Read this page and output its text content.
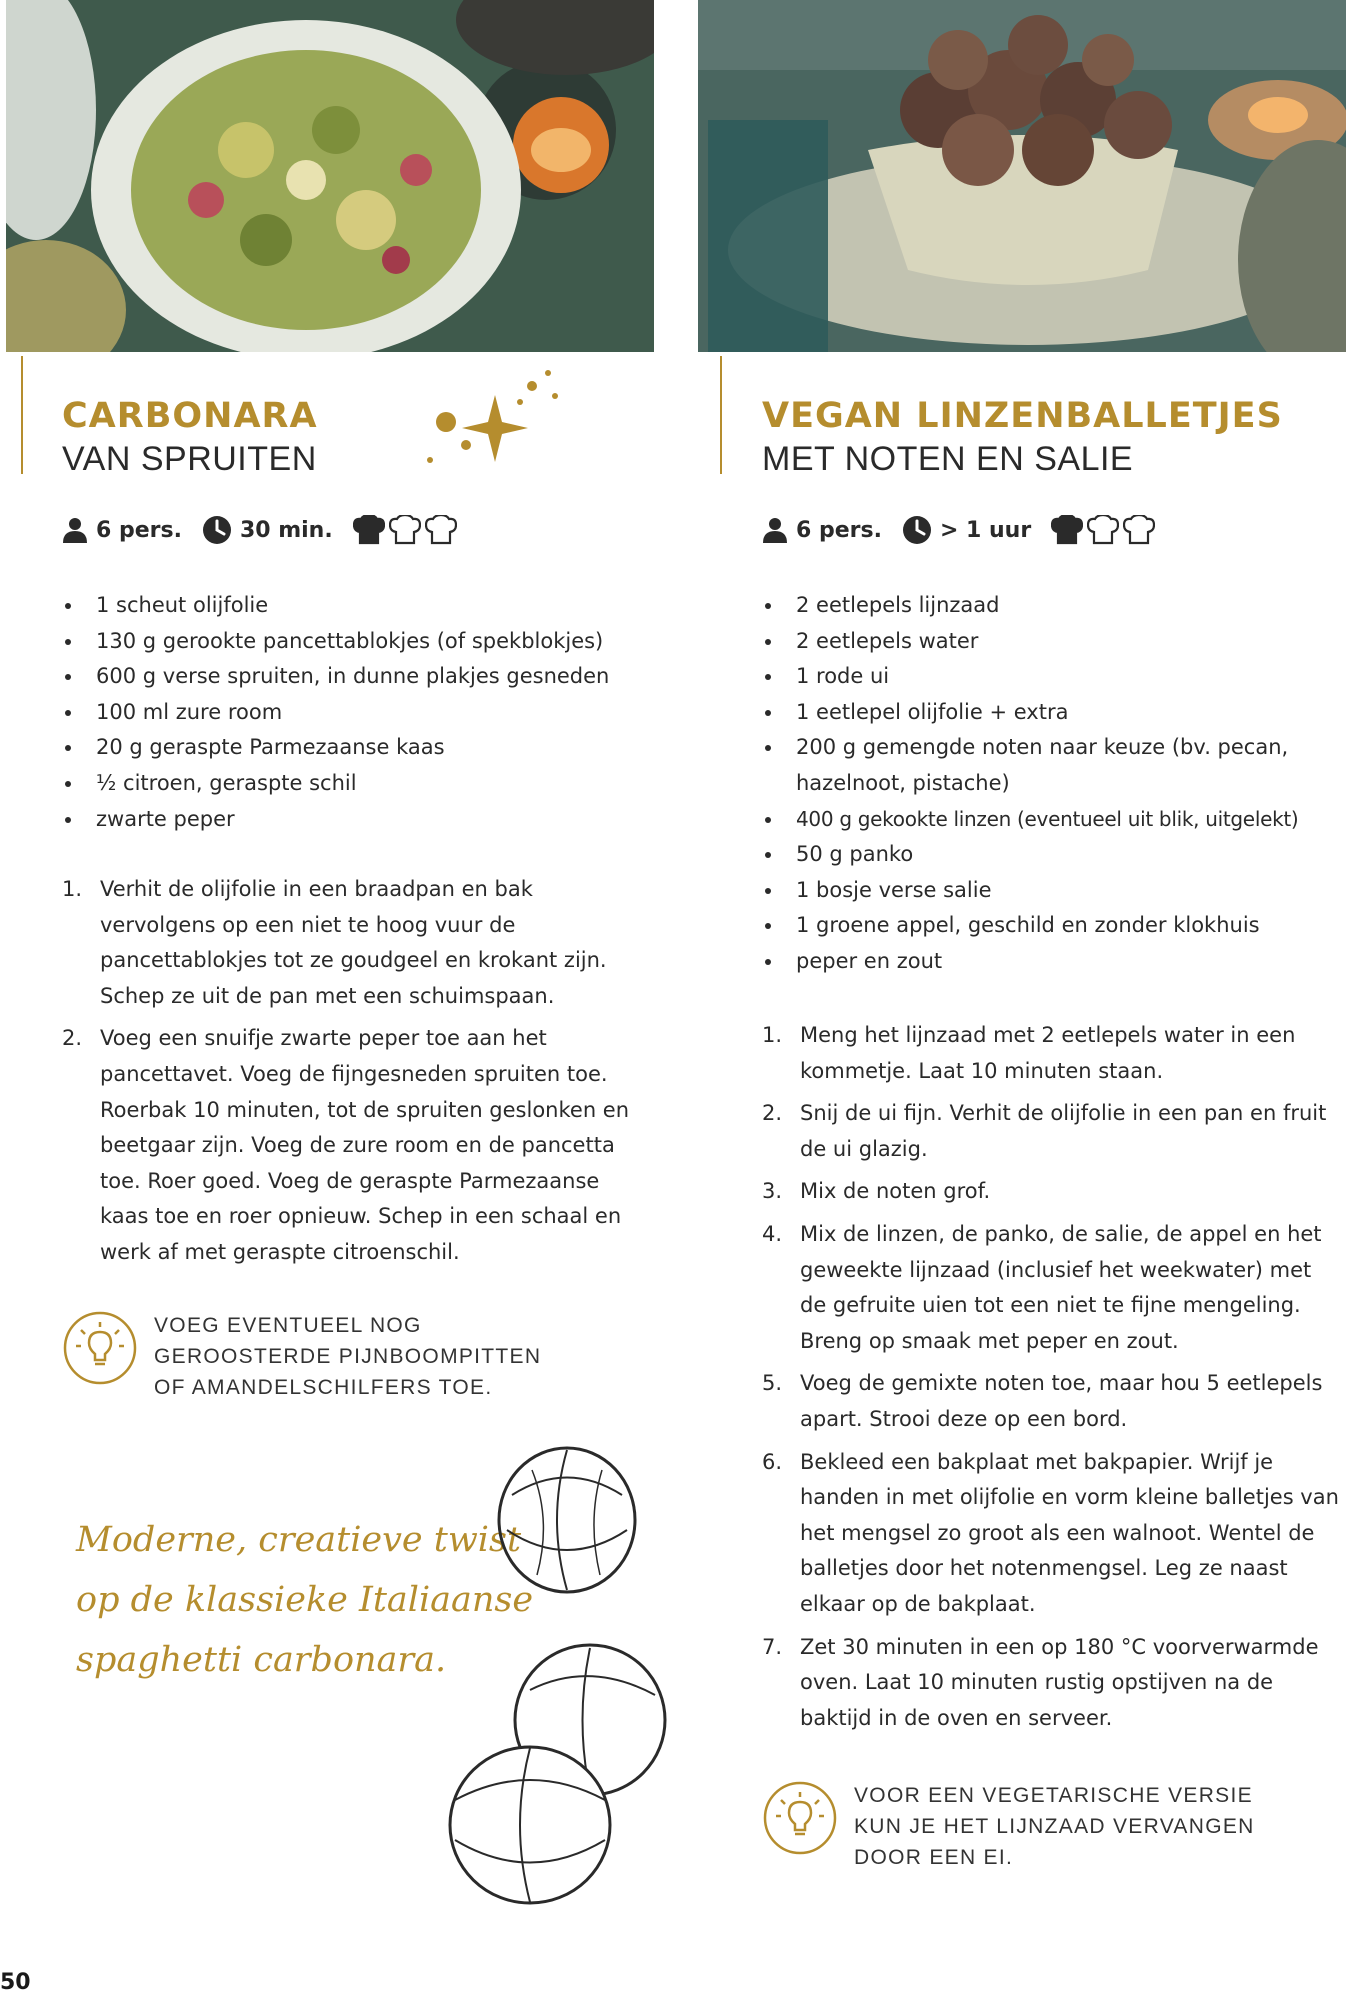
CARBONARA
VAN SPRUITEN
6 pers.	30 min.
1 scheut olijfolie
130 g gerookte pancettablokjes (of spekblokjes)
600 g verse spruiten, in dunne plakjes gesneden
100 ml zure room
20 g geraspte Parmezaanse kaas
½ citroen, geraspte schil
zwarte peper
1. Verhit de olijfolie in een braadpan en bak vervolgens op een niet te hoog vuur de pancettablokjes tot ze goudgeel en krokant zijn. Schep ze uit de pan met een schuimspaan.
2. Voeg een snuifje zwarte peper toe aan het pancettavet. Voeg de fijngesneden spruiten toe. Roerbak 10 minuten, tot de spruiten geslonken en beetgaar zijn. Voeg de zure room en de pancetta toe. Roer goed. Voeg de geraspte Parmezaanse kaas toe en roer opnieuw. Schep in een schaal en werk af met geraspte citroenschil.
VOEG EVENTUEEL NOG GEROOSTERDE PIJNBOOMPITTEN OF AMANDELSCHILFERS TOE.
Moderne, creatieve twist op de klassieke Italiaanse spaghetti carbonara.
50
VEGAN LINZENBALLETJES
MET NOTEN EN SALIE
6 pers.	> 1 uur
2 eetlepels lijnzaad
2 eetlepels water
1 rode ui
1 eetlepel olijfolie + extra
200 g gemengde noten naar keuze (bv. pecan, hazelnoot, pistache)
400 g gekookte linzen (eventueel uit blik, uitgelekt)
50 g panko
1 bosje verse salie
1 groene appel, geschild en zonder klokhuis
peper en zout
1. Meng het lijnzaad met 2 eetlepels water in een kommetje. Laat 10 minuten staan.
2. Snij de ui fijn. Verhit de olijfolie in een pan en fruit de ui glazig.
3. Mix de noten grof.
4. Mix de linzen, de panko, de salie, de appel en het geweekte lijnzaad (inclusief het weekwater) met de gefruite uien tot een niet te fijne mengeling. Breng op smaak met peper en zout.
5. Voeg de gemixte noten toe, maar hou 5 eetlepels apart. Strooi deze op een bord.
6. Bekleed een bakplaat met bakpapier. Wrijf je handen in met olijfolie en vorm kleine balletjes van het mengsel zo groot als een walnoot. Wentel de balletjes door het notenmengsel. Leg ze naast elkaar op de bakplaat.
7. Zet 30 minuten in een op 180 °C voorverwarmde oven. Laat 10 minuten rustig opstijven na de baktijd in de oven en serveer.
VOOR EEN VEGETARISCHE VERSIE KUN JE HET LIJNZAAD VERVANGEN DOOR EEN EI.
